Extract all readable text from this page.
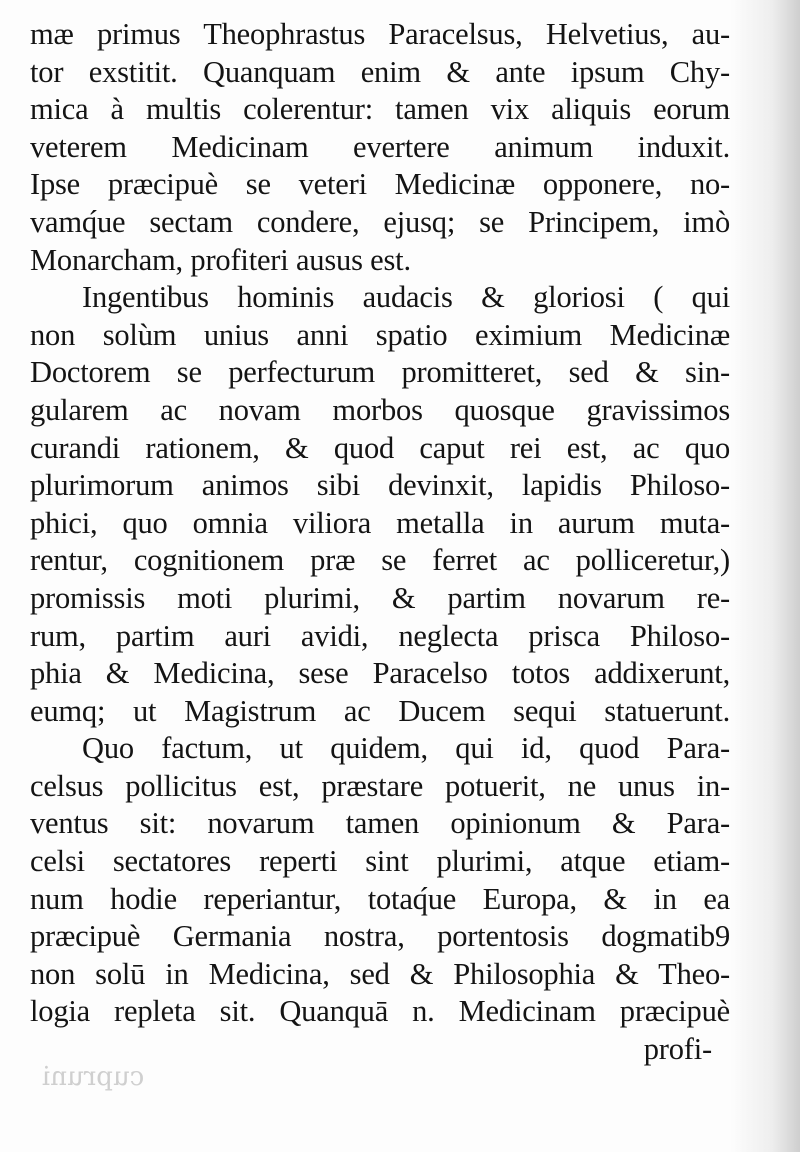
cupruni
mæ primus Theophrastus Paracelsus, Helvetius, au-
tor exstitit. Quanquam enim & ante ipsum Chy-
mica à multis colerentur: tamen vix aliquis eorum
veterem Medicinam evertere animum induxit.
Ipse præcipuè se veteri Medicinæ opponere, no-
vamq́ue sectam condere, ejusq; se Principem, imò
Monarcham, profiteri ausus est.
Ingentibus hominis audacis & gloriosi ( qui
non solùm unius anni spatio eximium Medicinæ
Doctorem se perfecturum promitteret, sed & sin-
gularem ac novam morbos quosque gravissimos
curandi rationem, & quod caput rei est, ac quo
plurimorum animos sibi devinxit, lapidis Philoso-
phici, quo omnia viliora metalla in aurum muta-
rentur, cognitionem præ se ferret ac polliceretur,)
promissis moti plurimi, & partim novarum re-
rum, partim auri avidi, neglecta prisca Philoso-
phia & Medicina, sese Paracelso totos addixerunt,
eumq; ut Magistrum ac Ducem sequi statuerunt.
Quo factum, ut quidem, qui id, quod Para-
celsus pollicitus est, præstare potuerit, ne unus in-
ventus sit: novarum tamen opinionum & Para-
celsi sectatores reperti sint plurimi, atque etiam-
num hodie reperiantur, totaq́ue Europa, & in ea
præcipuè Germania nostra, portentosis dogmatib9
non solū in Medicina, sed & Philosophia & Theo-
logia repleta sit. Quanquā n. Medicinam præcipuè
profi-
